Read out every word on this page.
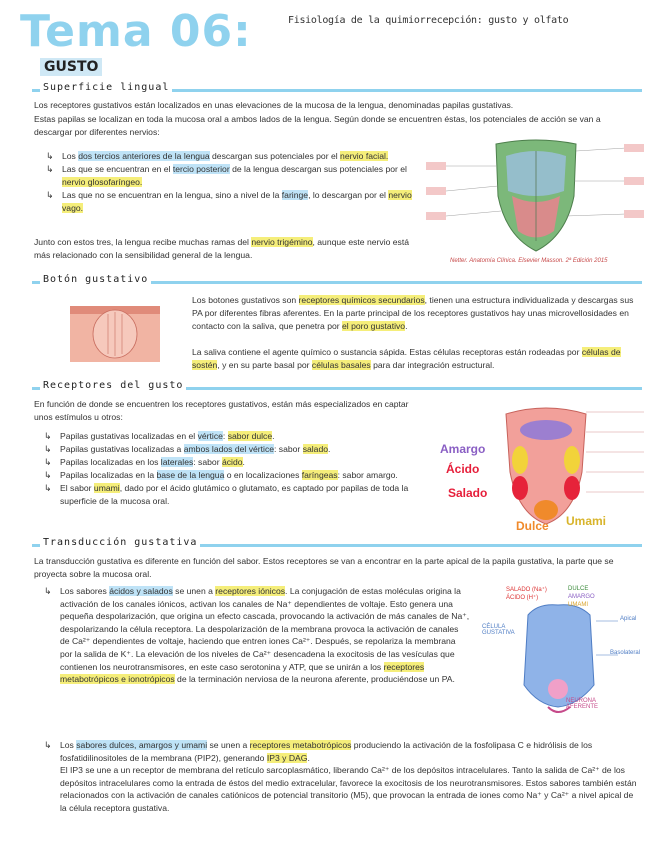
Tema 06:	Fisiología de la quimiorrecepción: gusto y olfato
GUSTO
Superficie lingual
Los receptores gustativos están localizados en unas elevaciones de la mucosa de la lengua, denominadas papilas gustativas.
Estas papilas se localizan en toda la mucosa oral a ambos lados de la lengua. Según donde se encuentren éstas, los potenciales de acción se van a descargar por diferentes nervios:
↳ Los dos tercios anteriores de la lengua descargan sus potenciales por el nervio facial.
↳ Las que se encuentran en el tercio posterior de la lengua descargan sus potenciales por el nervio glosofaríngeo.
↳ Las que no se encuentran en la lengua, sino a nivel de la faringe, lo descargan por el nervio vago.
Junto con estos tres, la lengua recibe muchas ramas del nervio trigémino, aunque este nervio está más relacionado con la sensibilidad general de la lengua.
Netter. Anatomía Clínica. Elsevier Masson. 2ª Edición 2015
Botón gustativo
Los botones gustativos son receptores químicos secundarios, tienen una estructura individualizada y descargas sus PA por diferentes fibras aferentes. En la parte principal de los receptores gustativos hay unas microvellosidades en contacto con la saliva, que penetra por el poro gustativo.
La saliva contiene el agente químico o sustancia sápida. Estas células receptoras están rodeadas por células de sostén, y en su parte basal por células basales para dar integración estructural.
Receptores del gusto
En función de donde se encuentren los receptores gustativos, están más especializados en captar unos estímulos u otros:
↳ Papilas gustativas localizadas en el vértice: sabor dulce.
↳ Papilas gustativas localizadas a ambos lados del vértice: sabor salado.
↳ Papilas localizadas en los laterales: sabor ácido.
↳ Papilas localizadas en la base de la lengua o en localizaciones faríngeas: sabor amargo.
↳ El sabor umami, dado por el ácido glutámico o glutamato, es captado por papilas de toda la superficie de la mucosa oral.
Amargo
Ácido
Salado
Dulce Umami
Transducción gustativa
La transducción gustativa es diferente en función del sabor. Estos receptores se van a encontrar en la parte apical de la papila gustativa, la parte que se proyecta sobre la mucosa oral.
↳ Los sabores ácidos y salados se unen a receptores iónicos. La conjugación de estas moléculas origina la activación de los canales iónicos, activan los canales de Na⁺ dependientes de voltaje. Esto genera una pequeña despolarización, que origina un efecto cascada, provocando la activación de más canales de Na⁺, despolarizando la célula receptora. La despolarización de la membrana provoca la activación de canales de Ca²⁺ dependientes de voltaje, haciendo que entren iones Ca²⁺. Después, se repolariza la membrana por la salida de K⁺. La elevación de los niveles de Ca²⁺ desencadena la exocitosis de las vesículas que contienen los neurotransmisores, en este caso serotonina y ATP, que se unirán a los receptores metabotrópicos e ionotrópicos de la terminación nerviosa de la neurona aferente, produciéndose un PA.
↳ Los sabores dulces, amargos y umami se unen a receptores metabotrópicos produciendo la activación de la fosfolipasa C e hidrólisis de los fosfatidilinositoles de la membrana (PIP2), generando IP3 y DAG.
El IP3 se une a un receptor de membrana del retículo sarcoplasmático, liberando Ca²⁺ de los depósitos intracelulares. Tanto la salida de Ca²⁺ de los depósitos intracelulares como la entrada de éstos del medio extracelular, favorece la exocitosis de los neurotransmisores. Estos sabores también están relacionados con la activación de canales catiónicos de potencial transitorio (M5), que provocan la entrada de iones como Na⁺ y Ca²⁺ a nivel apical de la célula receptora gustativa.
SALADO (Na⁺)
ÁCIDO (H⁺)
DULCE
AMARGO
UMAMI
CÉLULA GUSTATIVA
Apical
Basolateral
NEURONA AFERENTE
